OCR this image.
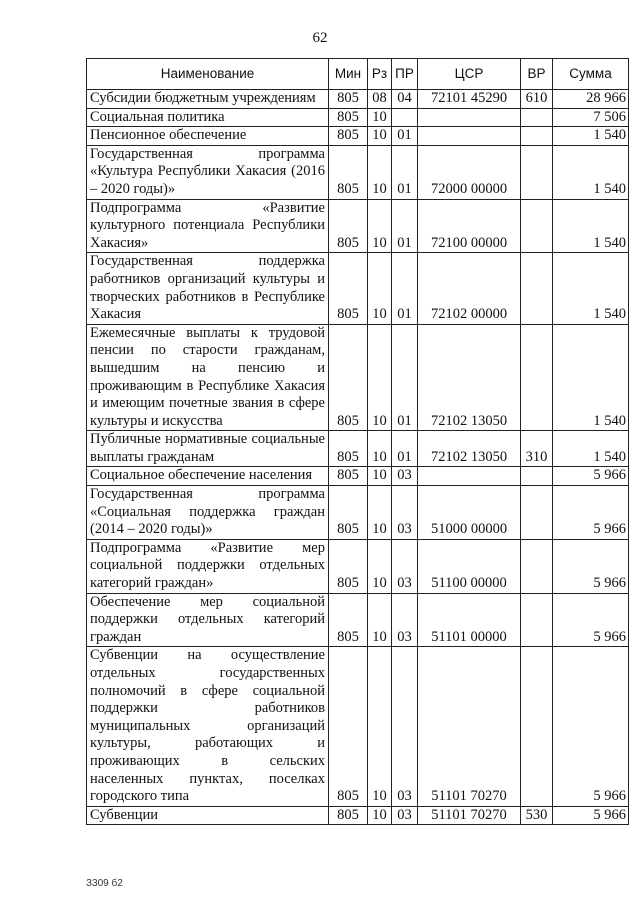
62
Наименование	Мин	Рз	ПР	ЦСР	ВР	Сумма
Субсидии бюджетным учреждениям	805	08	04	72101 45290	610	28 966
Социальная политика	805	10				7 506
Пенсионное обеспечение	805	10	01			1 540
Государственная программа «Культура Республики Хакасия (2016 – 2020 годы)»	805	10	01	72000 00000		1 540
Подпрограмма «Развитие культурного потенциала Республики Хакасия»	805	10	01	72100 00000		1 540
Государственная поддержка работников организаций культуры и творческих работников в Республике Хакасия	805	10	01	72102 00000		1 540
Ежемесячные выплаты к трудовой пенсии по старости гражданам, вышедшим на пенсию и проживающим в Республике Хакасия и имеющим почетные звания в сфере культуры и искусства	805	10	01	72102 13050		1 540
Публичные нормативные социальные выплаты гражданам	805	10	01	72102 13050	310	1 540
Социальное обеспечение населения	805	10	03			5 966
Государственная программа «Социальная поддержка граждан (2014 – 2020 годы)»	805	10	03	51000 00000		5 966
Подпрограмма «Развитие мер социальной поддержки отдельных категорий граждан»	805	10	03	51100 00000		5 966
Обеспечение мер социальной поддержки отдельных категорий граждан	805	10	03	51101 00000		5 966
Субвенции на осуществление отдельных государственных полномочий в сфере социальной поддержки работников муниципальных организаций культуры, работающих и проживающих в сельских населенных пунктах, поселках городского типа	805	10	03	51101 70270		5 966
Субвенции	805	10	03	51101 70270	530	5 966
З309 б2
